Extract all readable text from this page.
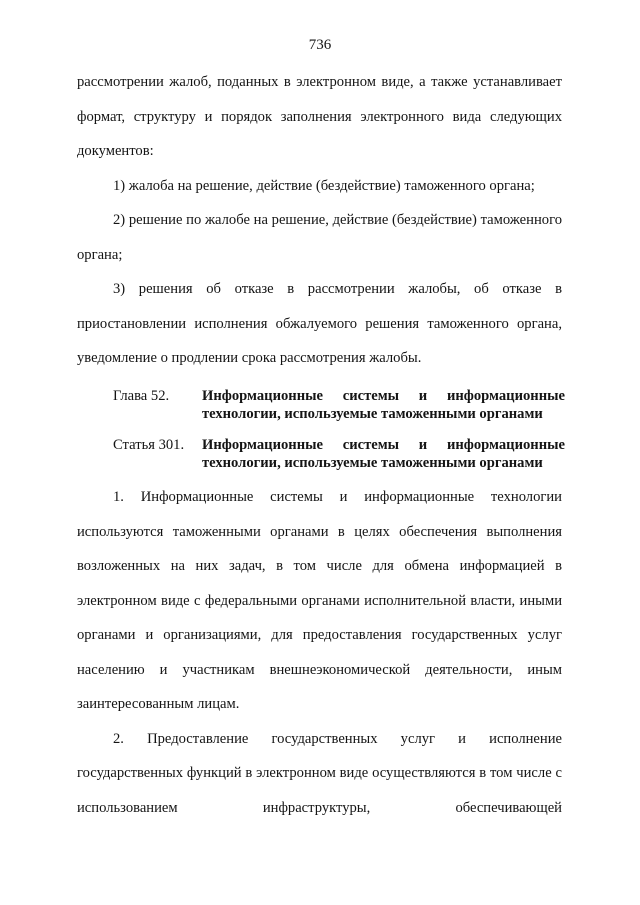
736

рассмотрении жалоб, поданных в электронном виде, а также устанавливает формат, структуру и порядок заполнения электронного вида следующих документов:

1) жалоба на решение, действие (бездействие) таможенного органа;

2) решение по жалобе на решение, действие (бездействие) таможенного органа;

3) решения об отказе в рассмотрении жалобы, об отказе в приостановлении исполнения обжалуемого решения таможенного органа, уведомление о продлении срока рассмотрения жалобы.

Глава 52.	Информационные системы и информационные технологии, используемые таможенными органами
Статья 301.	Информационные системы и информационные технологии, используемые таможенными органами

1. Информационные системы и информационные технологии используются таможенными органами в целях обеспечения выполнения возложенных на них задач, в том числе для обмена информацией в электронном виде с федеральными органами исполнительной власти, иными органами и организациями, для предоставления государственных услуг населению и участникам внешнеэкономической деятельности, иным заинтересованным лицам.

2. Предоставление государственных услуг и исполнение государственных функций в электронном виде осуществляются в том числе с использованием инфраструктуры, обеспечивающей
